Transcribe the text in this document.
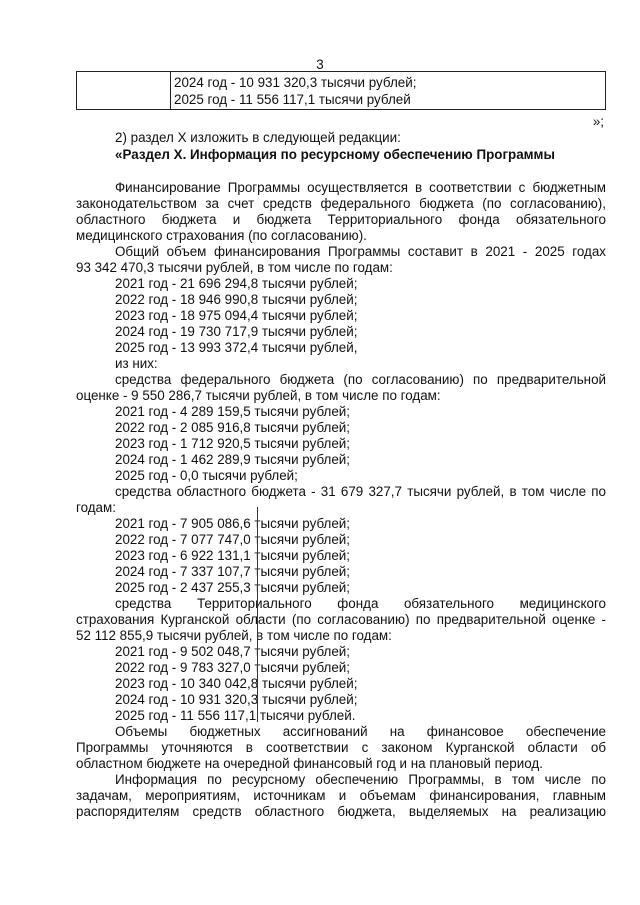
3
2024 год - 10 931 320,3 тысячи рублей;
2025 год - 11 556 117,1 тысячи рублей
»;
2) раздел X изложить в следующей редакции:
«Раздел X. Информация по ресурсному обеспечению Программы
Финансирование Программы осуществляется в соответствии с бюджетным
законодательством за счет средств федерального бюджета (по согласованию),
областного бюджета и бюджета Территориального фонда обязательного
медицинского страхования (по согласованию).
Общий объем финансирования Программы составит в 2021 - 2025 годах
93 342 470,3 тысячи рублей, в том числе по годам:
2021 год - 21 696 294,8 тысячи рублей;
2022 год - 18 946 990,8 тысячи рублей;
2023 год - 18 975 094,4 тысячи рублей;
2024 год - 19 730 717,9 тысячи рублей;
2025 год - 13 993 372,4 тысячи рублей,
из них:
средства федерального бюджета (по согласованию) по предварительной
оценке - 9 550 286,7 тысячи рублей, в том числе по годам:
2021 год - 4 289 159,5 тысячи рублей;
2022 год - 2 085 916,8 тысячи рублей;
2023 год - 1 712 920,5 тысячи рублей;
2024 год - 1 462 289,9 тысячи рублей;
2025 год - 0,0 тысячи рублей;
средства областного бюджета - 31 679 327,7 тысячи рублей, в том числе по
годам:
2021 год - 7 905 086,6 тысячи рублей;
2022 год - 7 077 747,0 тысячи рублей;
2023 год - 6 922 131,1 тысячи рублей;
2024 год - 7 337 107,7 тысячи рублей;
2025 год - 2 437 255,3 тысячи рублей;
средства Территориального фонда обязательного медицинского
страхования Курганской области (по согласованию) по предварительной оценке -
52 112 855,9 тысячи рублей, в том числе по годам:
2021 год - 9 502 048,7 тысячи рублей;
2022 год - 9 783 327,0 тысячи рублей;
2023 год - 10 340 042,8 тысячи рублей;
2024 год - 10 931 320,3 тысячи рублей;
2025 год - 11 556 117,1 тысячи рублей.
Объемы бюджетных ассигнований на финансовое обеспечение
Программы уточняются в соответствии с законом Курганской области об
областном бюджете на очередной финансовый год и на плановый период.
Информация по ресурсному обеспечению Программы, в том числе по
задачам, мероприятиям, источникам и объемам финансирования, главным
распорядителям средств областного бюджета, выделяемых на реализацию
